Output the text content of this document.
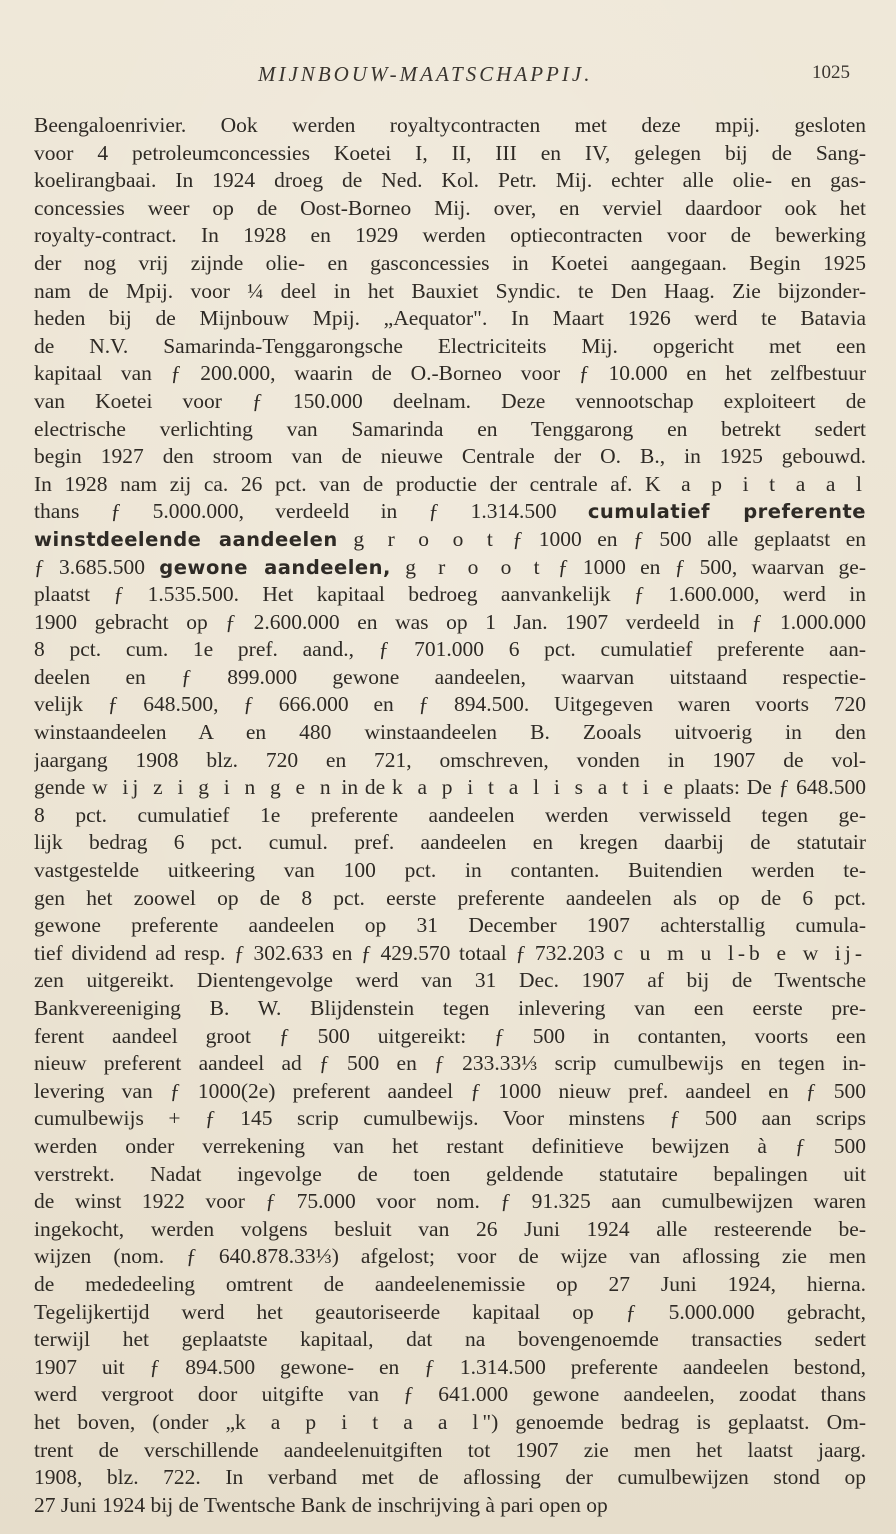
MIJNBOUW-MAATSCHAPPIJ.	1025
Beengaloenrivier. Ook werden royaltycontracten met deze mpij. gesloten
voor 4 petroleumconcessies Koetei I, II, III en IV, gelegen bij de Sang-
koelirangbaai. In 1924 droeg de Ned. Kol. Petr. Mij. echter alle olie- en gas-
concessies weer op de Oost-Borneo Mij. over, en verviel daardoor ook het
royalty-contract. In 1928 en 1929 werden optiecontracten voor de bewerking
der nog vrij zijnde olie- en gasconcessies in Koetei aangegaan. Begin 1925
nam de Mpij. voor ¼ deel in het Bauxiet Syndic. te Den Haag. Zie bijzonder-
heden bij de Mijnbouw Mpij. „Aequator". In Maart 1926 werd te Batavia
de N.V. Samarinda-Tenggarongsche Electriciteits Mij. opgericht met een
kapitaal van ƒ 200.000, waarin de O.-Borneo voor ƒ 10.000 en het zelfbestuur
van Koetei voor ƒ 150.000 deelnam. Deze vennootschap exploiteert de
electrische verlichting van Samarinda en Tenggarong en betrekt sedert
begin 1927 den stroom van de nieuwe Centrale der O. B., in 1925 gebouwd.
In 1928 nam zij ca. 26 pct. van de productie der centrale af. K a p i t a a l
thans ƒ 5.000.000, verdeeld in ƒ 1.314.500 cumulatief preferente
winstdeelende aandeelen g r o o t ƒ 1000 en ƒ 500 alle geplaatst en
ƒ 3.685.500 gewone aandeelen, g r o o t ƒ 1000 en ƒ 500, waarvan ge-
plaatst ƒ 1.535.500. Het kapitaal bedroeg aanvankelijk ƒ 1.600.000, werd in
1900 gebracht op ƒ 2.600.000 en was op 1 Jan. 1907 verdeeld in ƒ 1.000.000
8 pct. cum. 1e pref. aand., ƒ 701.000 6 pct. cumulatief preferente aan-
deelen en ƒ 899.000 gewone aandeelen, waarvan uitstaand respectie-
velijk ƒ 648.500, ƒ 666.000 en ƒ 894.500. Uitgegeven waren voorts 720
winstaandeelen A en 480 winstaandeelen B. Zooals uitvoerig in den
jaargang 1908 blz. 720 en 721, omschreven, vonden in 1907 de vol-
gende w ij z i g i n g e n in de k a p i t a l i s a t i e plaats: De ƒ 648.500
8 pct. cumulatief 1e preferente aandeelen werden verwisseld tegen ge-
lijk bedrag 6 pct. cumul. pref. aandeelen en kregen daarbij de statutair
vastgestelde uitkeering van 100 pct. in contanten. Buitendien werden te-
gen het zoowel op de 8 pct. eerste preferente aandeelen als op de 6 pct.
gewone preferente aandeelen op 31 December 1907 achterstallig cumula-
tief dividend ad resp. ƒ 302.633 en ƒ 429.570 totaal ƒ 732.203 c u m u l-b e w ij-
zen uitgereikt. Dientengevolge werd van 31 Dec. 1907 af bij de Twentsche
Bankvereeniging B. W. Blijdenstein tegen inlevering van een eerste pre-
ferent aandeel groot ƒ 500 uitgereikt: ƒ 500 in contanten, voorts een
nieuw preferent aandeel ad ƒ 500 en ƒ 233.33⅓ scrip cumulbewijs en tegen in-
levering van ƒ 1000(2e) preferent aandeel ƒ 1000 nieuw pref. aandeel en ƒ 500
cumulbewijs + ƒ 145 scrip cumulbewijs. Voor minstens ƒ 500 aan scrips
werden onder verrekening van het restant definitieve bewijzen à ƒ 500
verstrekt. Nadat ingevolge de toen geldende statutaire bepalingen uit
de winst 1922 voor ƒ 75.000 voor nom. ƒ 91.325 aan cumulbewijzen waren
ingekocht, werden volgens besluit van 26 Juni 1924 alle resteerende be-
wijzen (nom. ƒ 640.878.33⅓) afgelost; voor de wijze van aflossing zie men
de mededeeling omtrent de aandeelenemissie op 27 Juni 1924, hierna.
Tegelijkertijd werd het geautoriseerde kapitaal op ƒ 5.000.000 gebracht,
terwijl het geplaatste kapitaal, dat na bovengenoemde transacties sedert
1907 uit ƒ 894.500 gewone- en ƒ 1.314.500 preferente aandeelen bestond,
werd vergroot door uitgifte van ƒ 641.000 gewone aandeelen, zoodat thans
het boven, (onder „k a p i t a a l") genoemde bedrag is geplaatst. Om-
trent de verschillende aandeelenuitgiften tot 1907 zie men het laatst jaarg.
1908, blz. 722. In verband met de aflossing der cumulbewijzen stond op
27 Juni 1924 bij de Twentsche Bank de inschrijving à pari open op
